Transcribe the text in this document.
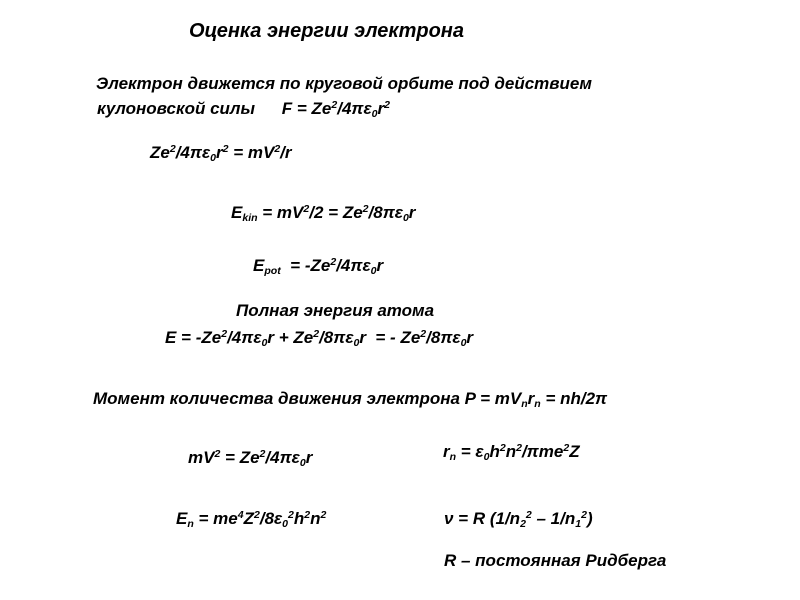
Оценка энергии электрона
Электрон движется по круговой орбите под действием
кулоновской силы $F = Ze^2/4\pi\varepsilon_0r^2$
$Ze^2/4\pi\varepsilon_0r^2 = mV^2/r$
$E_{kin} = mV^2/2 = Ze^2/8\pi\varepsilon_0r$
$E_{pot} = -Ze^2/4\pi\varepsilon_0r$
Полная энергия атома
$E = -Ze^2/4\pi\varepsilon_0r + Ze^2/8\pi\varepsilon_0r$  = - $Ze^2/8\pi\varepsilon_0r$
Момент количества движения электрона $P = mV_nr_n = nh/2\pi$
$mV^2 = Ze^2/4\pi\varepsilon_0r$	$r_n = \varepsilon_0h^2n^2/\pi me^2Z$
$E_n = me^4Z^2/8\varepsilon_0^2h^2n^2$	ν = R $(1/n_2^2 - 1/n_1^2)$
R – постоянная Ридберга
